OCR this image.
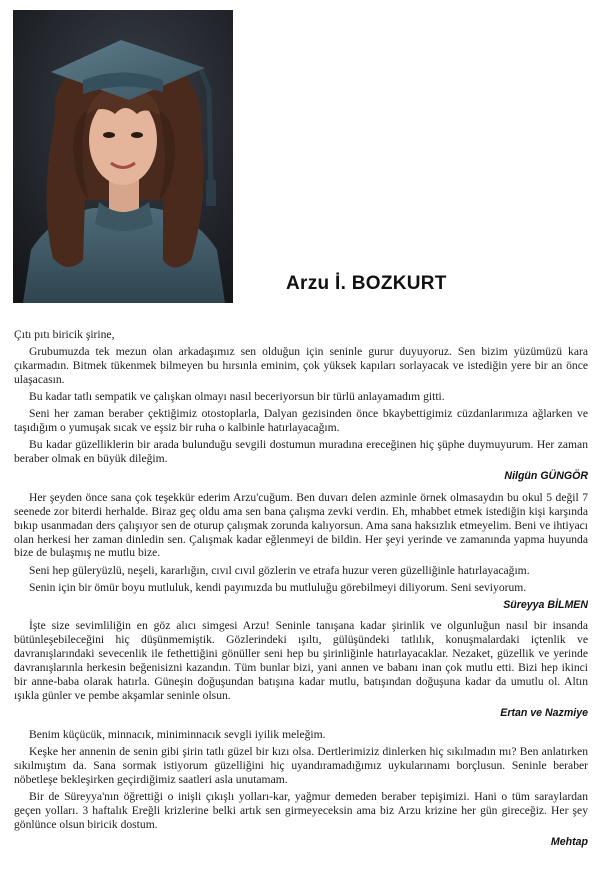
Arzu İ. BOZKURT

Çıtı pıtı biricik şirine,

Grubumuzda tek mezun olan arkadaşımız sen olduğun için seninle gurur duyuyoruz. Sen bizim yüzümüzü kara çıkarmadın. Bitmek tükenmek bilmeyen bu hırsınla eminim, çok yüksek kapıları sorlayacak ve istediğin yere bir an önce ulaşacasın.

Bu kadar tatlı sempatik ve çalışkan olmayı nasıl beceriyorsun bir türlü anlayamadım gitti.

Seni her zaman beraber çektiğimiz otostoplarla, Dalyan gezisinden önce bkaybettigimiz cüzdanlarımıza ağlarken ve taşıdığım o yumuşak sıcak ve eşsiz bir ruha o kalbinle hatırlayacağım.

Bu kadar güzelliklerin bir arada bulunduğu sevgili dostumun muradına ereceğinen hiç şüphe duymuyurum. Her zaman beraber olmak en büyük dileğim.

Nilgün GÜNGÖR

Her şeyden önce sana çok teşekkür ederim Arzu'cuğum. Ben duvarı delen azminle örnek olmasaydın bu okul 5 değil 7 seenede zor biterdi herhalde. Biraz geç oldu ama sen bana çalışma zevki verdin. Eh, mhabbet etmek istediğin kişi karşında bıkıp usanmadan ders çalışıyor sen de oturup çalışmak zorunda kalıyorsun. Ama sana haksızlık etmeyelim. Beni ve ihtiyacı olan herkesi her zaman dinledin sen. Çalışmak kadar eğlenmeyi de bildin. Her şeyi yerinde ve zamanında yapma huyunda bize de bulaşmış ne mutlu bize.

Seni hep güleryüzlü, neşeli, kararlığın, cıvıl cıvıl gözlerin ve etrafa huzur veren güzelliğinle hatırlayacağım.

Senin için bir ömür boyu mutluluk, kendi payımızda bu mutluluğu görebilmeyi diliyorum. Seni seviyorum.

Süreyya BİLMEN

İşte size sevimliliğin en göz alıcı simgesi Arzu! Seninle tanışana kadar şirinlik ve olgunluğun nasıl bir insanda bütünleşebileceğini hiç düşünmemiştik. Gözlerindeki ışıltı, gülüşündeki tatlılık, konuşmalardaki içtenlik ve davranışlarındaki sevecenlik ile fethettiğini gönüller seni hep bu şirinliğinle hatırlayacaklar. Nezaket, güzellik ve yerinde davranışlarınla herkesin beğenisizni kazandın. Tüm bunlar bizi, yani annen ve babanı inan çok mutlu etti. Bizi hep ikinci bir anne-baba olarak hatırla. Güneşin doğuşundan batışına kadar mutlu, batışından doğuşuna kadar da umutlu ol. Altın ışıkla günler ve pembe akşamlar seninle olsun.

Ertan ve Nazmiye

Benim küçücük, minnacık, miniminnacık sevgli iyilik meleğim.

Keşke her annenin de senin gibi şirin tatlı güzel bir kızı olsa. Dertlerimiziz dinlerken hiç sıkılmadın mı? Ben anlatırken sıkılmıştım da. Sana sormak istiyorum güzelliğini hiç uyandıramadığımız uykularınamı borçlusun. Seninle beraber nöbetleşe bekleşirken geçirdiğimiz saatleri asla unutamam.

Bir de Süreyya'nın öğrettiği o inişli çıkışlı yolları-kar, yağmur demeden beraber tepişimizi. Hani o tüm saraylardan geçen yolları. 3 haftalık Ereğli krizlerine belki artık sen girmeyeceksin ama biz Arzu krizine her gün gireceğiz. Her şey gönlünce olsun biricik dostum.

Mehtap
